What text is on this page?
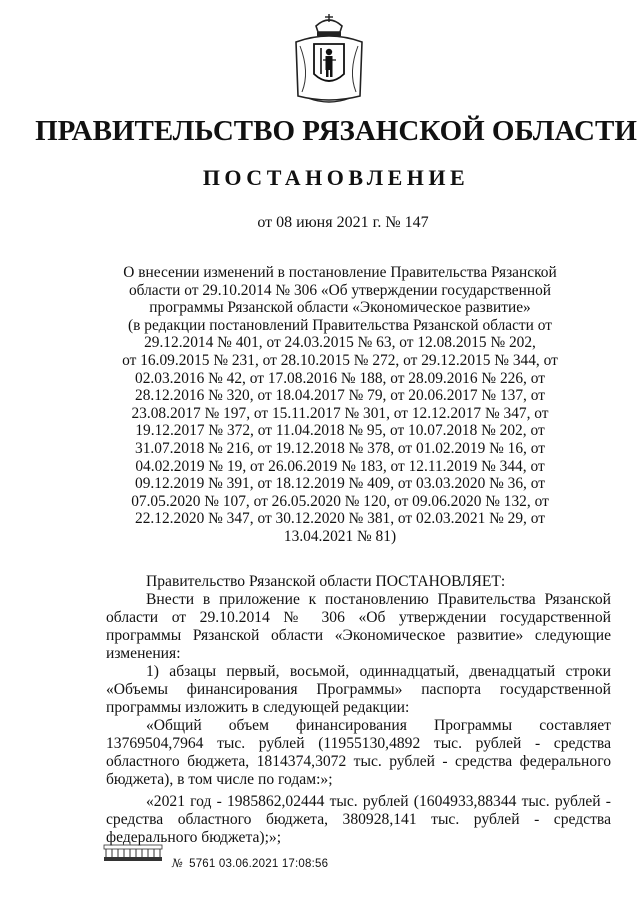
ПРАВИТЕЛЬСТВО РЯЗАНСКОЙ ОБЛАСТИ
ПОСТАНОВЛЕНИЕ
от 08 июня 2021 г. № 147
О внесении изменений в постановление Правительства Рязанской
области от 29.10.2014 № 306 «Об утверждении государственной
программы Рязанской области «Экономическое развитие»
(в редакции постановлений Правительства Рязанской области от
29.12.2014 № 401, от 24.03.2015 № 63, от 12.08.2015 № 202,
от 16.09.2015 № 231, от 28.10.2015 № 272, от 29.12.2015 № 344, от
02.03.2016 № 42, от 17.08.2016 № 188, от 28.09.2016 № 226, от
28.12.2016 № 320, от 18.04.2017 № 79, от 20.06.2017 № 137, от
23.08.2017 № 197, от 15.11.2017 № 301, от 12.12.2017 № 347, от
19.12.2017 № 372, от 11.04.2018 № 95, от 10.07.2018 № 202, от
31.07.2018 № 216, от 19.12.2018 № 378, от 01.02.2019 № 16, от
04.02.2019 № 19, от 26.06.2019 № 183, от 12.11.2019 № 344, от
09.12.2019 № 391, от 18.12.2019 № 409, от 03.03.2020 № 36, от
07.05.2020 № 107, от 26.05.2020 № 120, от 09.06.2020 № 132, от
22.12.2020 № 347, от 30.12.2020 № 381, от 02.03.2021 № 29, от
13.04.2021 № 81)

Правительство Рязанской области ПОСТАНОВЛЯЕТ:

Внести в приложение к постановлению Правительства Рязанской области от 29.10.2014 № 306 «Об утверждении государственной программы Рязанской области «Экономическое развитие» следующие изменения:

1) абзацы первый, восьмой, одиннадцатый, двенадцатый строки «Объемы финансирования Программы» паспорта государственной программы изложить в следующей редакции:

«Общий объем финансирования Программы составляет 13769504,7964 тыс. рублей (11955130,4892 тыс. рублей - средства областного бюджета, 1814374,3072 тыс. рублей - средства федерального бюджета), в том числе по годам:»;

«2021 год - 1985862,02444 тыс. рублей (1604933,88344 тыс. рублей - средства областного бюджета, 380928,141 тыс. рублей - средства федерального бюджета);»;

№ 5761 03.06.2021 17:08:56
